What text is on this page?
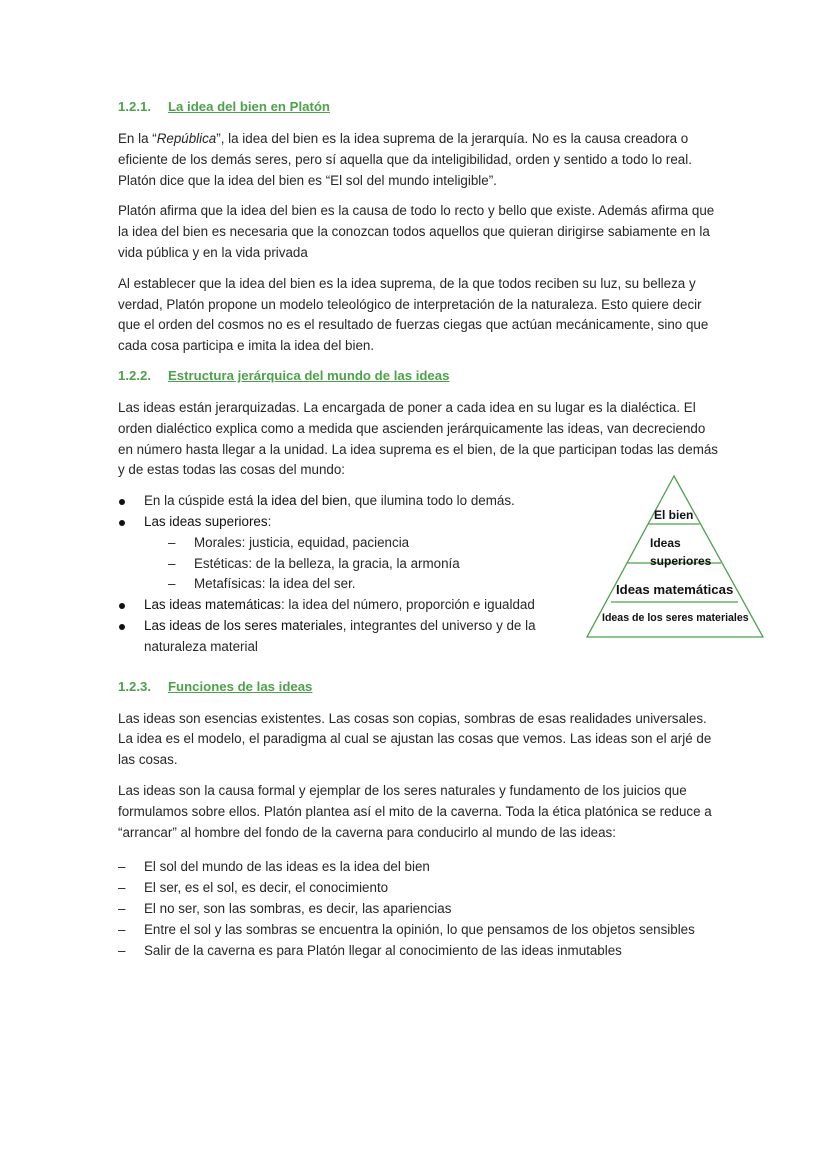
1.2.1. La idea del bien en Platón

En la “República”, la idea del bien es la idea suprema de la jerarquía. No es la causa creadora o eficiente de los demás seres, pero sí aquella que da inteligibilidad, orden y sentido a todo lo real. Platón dice que la idea del bien es “El sol del mundo inteligible”.

Platón afirma que la idea del bien es la causa de todo lo recto y bello que existe. Además afirma que la idea del bien es necesaria que la conozcan todos aquellos que quieran dirigirse sabiamente en la vida pública y en la vida privada

Al establecer que la idea del bien es la idea suprema, de la que todos reciben su luz, su belleza y verdad, Platón propone un modelo teleológico de interpretación de la naturaleza. Esto quiere decir que el orden del cosmos no es el resultado de fuerzas ciegas que actúan mecánicamente, sino que cada cosa participa e imita la idea del bien.

1.2.2. Estructura jerárquica del mundo de las ideas

Las ideas están jerarquizadas. La encargada de poner a cada idea en su lugar es la dialéctica. El orden dialéctico explica como a medida que ascienden jerárquicamente las ideas, van decreciendo en número hasta llegar a la unidad. La idea suprema es el bien, de la que participan todas las demás y de estas todas las cosas del mundo:

En la cúspide está la idea del bien, que ilumina todo lo demás.
Las ideas superiores:
– Morales: justicia, equidad, paciencia
– Estéticas: de la belleza, la gracia, la armonía
– Metafísicas: la idea del ser.
Las ideas matemáticas: la idea del número, proporción e igualdad
Las ideas de los seres materiales, integrantes del universo y de la naturaleza material
1.2.3. Funciones de las ideas

Las ideas son esencias existentes. Las cosas son copias, sombras de esas realidades universales. La idea es el modelo, el paradigma al cual se ajustan las cosas que vemos. Las ideas son el arjé de las cosas.

Las ideas son la causa formal y ejemplar de los seres naturales y fundamento de los juicios que formulamos sobre ellos. Platón plantea así el mito de la caverna. Toda la ética platónica se reduce a “arrancar” al hombre del fondo de la caverna para conducirlo al mundo de las ideas:

– El sol del mundo de las ideas es la idea del bien
– El ser, es el sol, es decir, el conocimiento
– El no ser, son las sombras, es decir, las apariencias
– Entre el sol y las sombras se encuentra la opinión, lo que pensamos de los objetos sensibles
– Salir de la caverna es para Platón llegar al conocimiento de las ideas inmutables
El bien
Ideas
superiores
Ideas matemáticas
Ideas de los seres materiales
